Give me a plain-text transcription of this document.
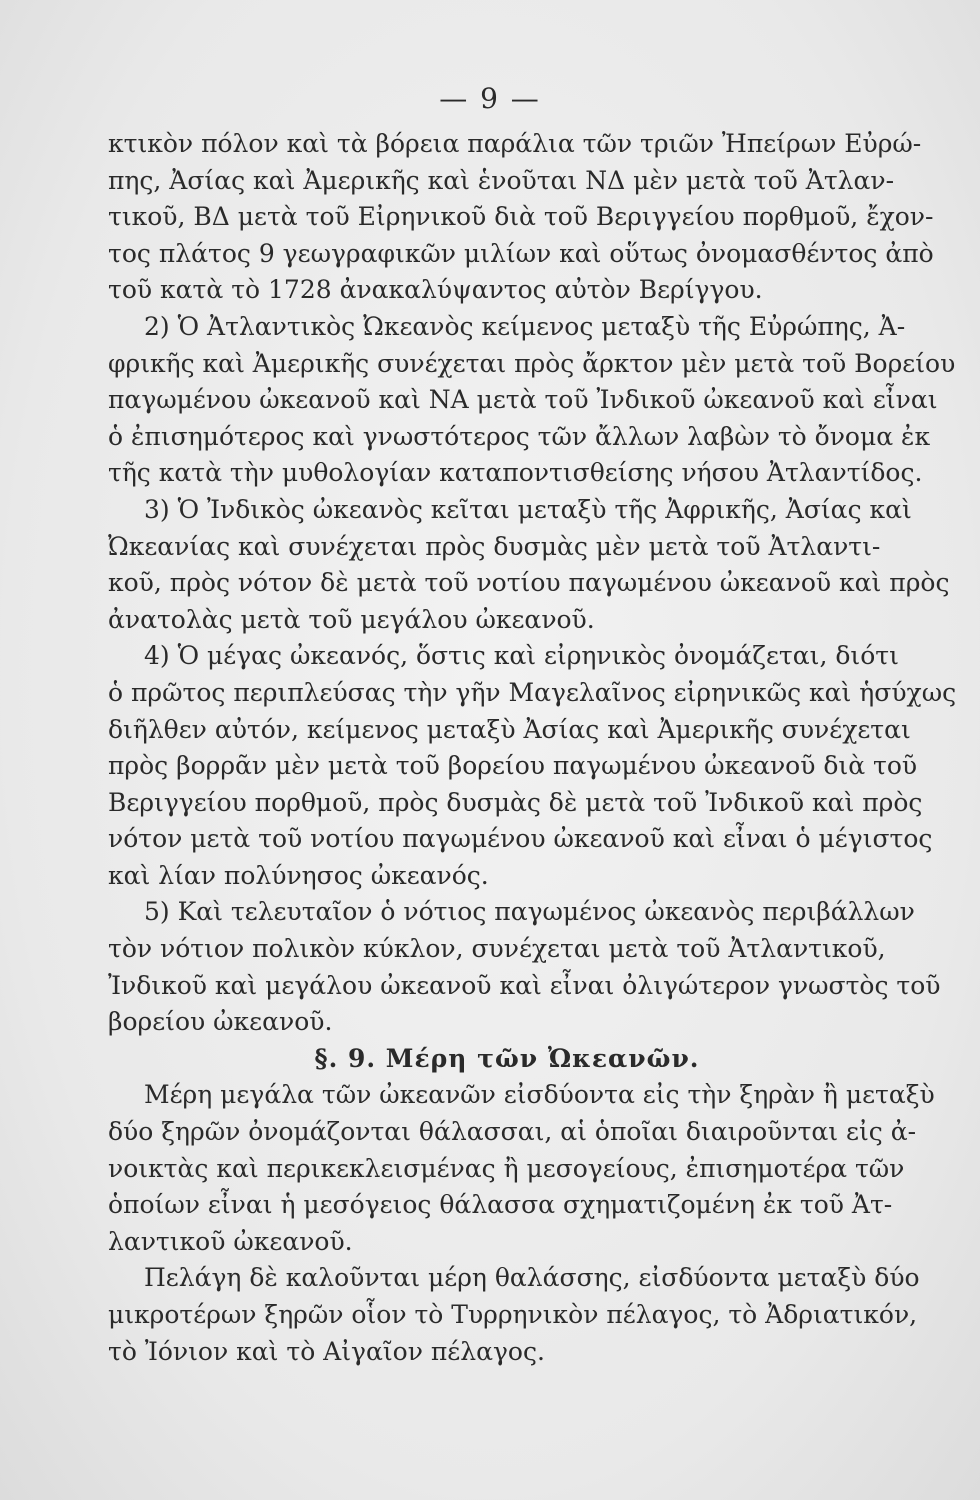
— 9 —
κτικὸν πόλον καὶ τὰ βόρεια παράλια τῶν τριῶν Ἠπείρων Εὐρώ-
πης, Ἀσίας καὶ Ἀμερικῆς καὶ ἑνοῦται ΝΔ μὲν μετὰ τοῦ Ἀτλαν-
τικοῦ, ΒΔ μετὰ τοῦ Εἰρηνικοῦ διὰ τοῦ Βεριγγείου πορθμοῦ, ἔχον-
τος πλάτος 9 γεωγραφικῶν μιλίων καὶ οὕτως ὀνομασθέντος ἀπὸ
τοῦ κατὰ τὸ 1728 ἀνακαλύψαντος αὐτὸν Βερίγγου.
2) Ὁ Ἀτλαντικὸς Ὠκεανὸς κείμενος μεταξὺ τῆς Εὐρώπης, Ἀ-
φρικῆς καὶ Ἀμερικῆς συνέχεται πρὸς ἄρκτον μὲν μετὰ τοῦ Βορείου
παγωμένου ὠκεανοῦ καὶ ΝΑ μετὰ τοῦ Ἰνδικοῦ ὠκεανοῦ καὶ εἶναι
ὁ ἐπισημότερος καὶ γνωστότερος τῶν ἄλλων λαβὼν τὸ ὄνομα ἐκ
τῆς κατὰ τὴν μυθολογίαν καταποντισθείσης νήσου Ἀτλαντίδος.
3) Ὁ Ἰνδικὸς ὠκεανὸς κεῖται μεταξὺ τῆς Ἀφρικῆς, Ἀσίας καὶ
Ὠκεανίας καὶ συνέχεται πρὸς δυσμὰς μὲν μετὰ τοῦ Ἀτλαντι-
κοῦ, πρὸς νότον δὲ μετὰ τοῦ νοτίου παγωμένου ὠκεανοῦ καὶ πρὸς
ἀνατολὰς μετὰ τοῦ μεγάλου ὠκεανοῦ.
4) Ὁ μέγας ὠκεανός, ὅστις καὶ εἰρηνικὸς ὀνομάζεται, διότι
ὁ πρῶτος περιπλεύσας τὴν γῆν Μαγελαῖνος εἰρηνικῶς καὶ ἡσύχως
διῆλθεν αὐτόν, κείμενος μεταξὺ Ἀσίας καὶ Ἀμερικῆς συνέχεται
πρὸς βορρᾶν μὲν μετὰ τοῦ βορείου παγωμένου ὠκεανοῦ διὰ τοῦ
Βεριγγείου πορθμοῦ, πρὸς δυσμὰς δὲ μετὰ τοῦ Ἰνδικοῦ καὶ πρὸς
νότον μετὰ τοῦ νοτίου παγωμένου ὠκεανοῦ καὶ εἶναι ὁ μέγιστος
καὶ λίαν πολύνησος ὠκεανός.
5) Καὶ τελευταῖον ὁ νότιος παγωμένος ὠκεανὸς περιβάλλων
τὸν νότιον πολικὸν κύκλον, συνέχεται μετὰ τοῦ Ἀτλαντικοῦ,
Ἰνδικοῦ καὶ μεγάλου ὠκεανοῦ καὶ εἶναι ὀλιγώτερον γνωστὸς τοῦ
βορείου ὠκεανοῦ.
§. 9. Μέρη τῶν Ὠκεανῶν.
Μέρη μεγάλα τῶν ὠκεανῶν εἰσδύοντα εἰς τὴν ξηρὰν ἢ μεταξὺ
δύο ξηρῶν ὀνομάζονται θάλασσαι, αἱ ὁποῖαι διαιροῦνται εἰς ἀ-
νοικτὰς καὶ περικεκλεισμένας ἢ μεσογείους, ἐπισημοτέρα τῶν
ὁποίων εἶναι ἡ μεσόγειος θάλασσα σχηματιζομένη ἐκ τοῦ Ἀτ-
λαντικοῦ ὠκεανοῦ.
Πελάγη δὲ καλοῦνται μέρη θαλάσσης, εἰσδύοντα μεταξὺ δύο
μικροτέρων ξηρῶν οἷον τὸ Τυρρηνικὸν πέλαγος, τὸ Ἀδριατικόν,
τὸ Ἰόνιον καὶ τὸ Αἰγαῖον πέλαγος.
